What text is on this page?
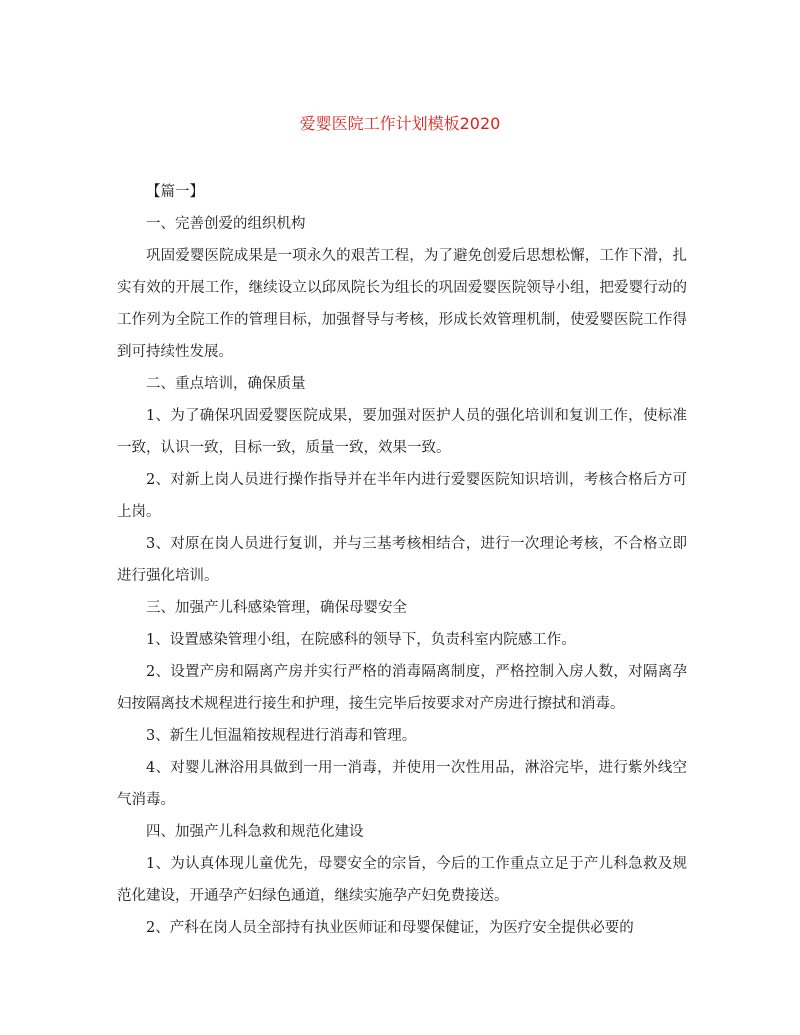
爱婴医院工作计划模板2020

【篇一】

一、完善创爱的组织机构

巩固爱婴医院成果是一项永久的艰苦工程，为了避免创爱后思想松懈，工作下滑，扎实有效的开展工作，继续设立以邱凤院长为组长的巩固爱婴医院领导小组，把爱婴行动的工作列为全院工作的管理目标，加强督导与考核，形成长效管理机制，使爱婴医院工作得到可持续性发展。

二、重点培训，确保质量

1、为了确保巩固爱婴医院成果，要加强对医护人员的强化培训和复训工作，使标准一致，认识一致，目标一致，质量一致，效果一致。

2、对新上岗人员进行操作指导并在半年内进行爱婴医院知识培训，考核合格后方可上岗。

3、对原在岗人员进行复训，并与三基考核相结合，进行一次理论考核，不合格立即进行强化培训。

三、加强产儿科感染管理，确保母婴安全

1、设置感染管理小组，在院感科的领导下，负责科室内院感工作。

2、设置产房和隔离产房并实行严格的消毒隔离制度，严格控制入房人数，对隔离孕妇按隔离技术规程进行接生和护理，接生完毕后按要求对产房进行擦拭和消毒。

3、新生儿恒温箱按规程进行消毒和管理。

4、对婴儿淋浴用具做到一用一消毒，并使用一次性用品，淋浴完毕，进行紫外线空气消毒。

四、加强产儿科急救和规范化建设

1、为认真体现儿童优先，母婴安全的宗旨，今后的工作重点立足于产儿科急救及规范化建设，开通孕产妇绿色通道，继续实施孕产妇免费接送。

2、产科在岗人员全部持有执业医师证和母婴保健证，为医疗安全提供必要的
